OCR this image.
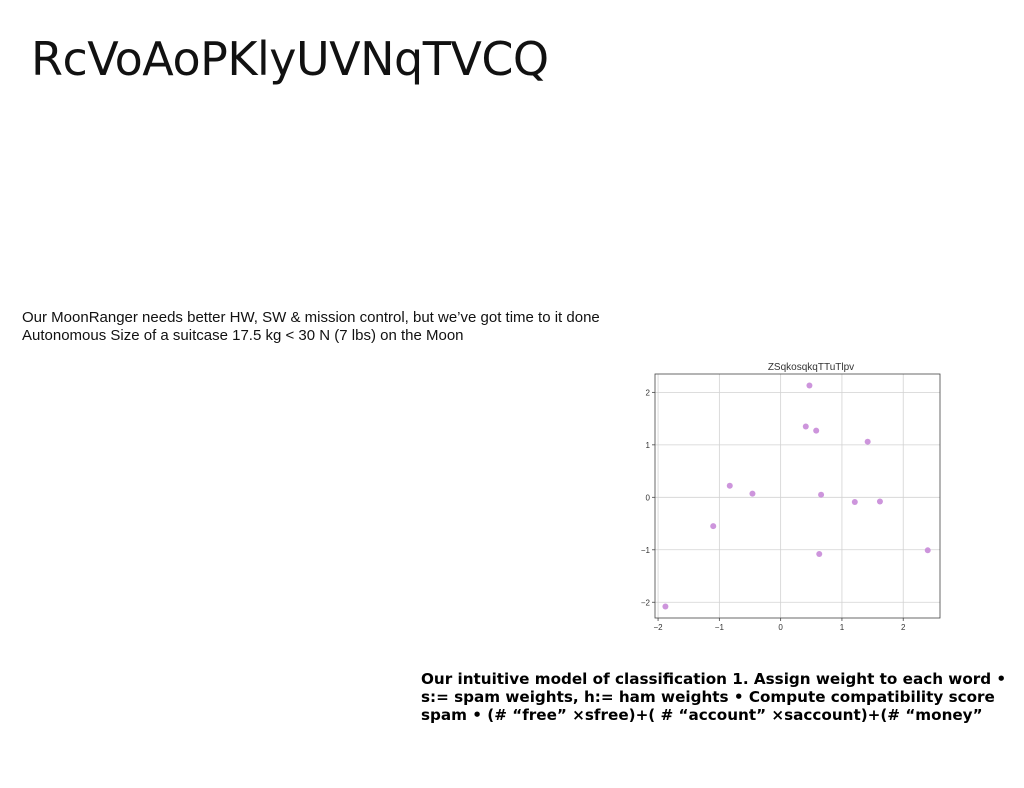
RcVoAoPKlyUVNqTVCQ
Our MoonRanger needs better HW, SW & mission control, but we’ve got time to it done Autonomous Size of a suitcase 17.5 kg < 30 N (7 lbs) on the Moon
ZSqkosqkqTTuTlpv
−2	−1	0	1	2
−2
−1
0
1
2
Our intuitive model of classification 1. Assign weight to each word •
s:= spam weights, h:= ham weights • Compute compatibility score
spam • (# “free” ×sfree)+( # “account” ×saccount)+(# “money”
